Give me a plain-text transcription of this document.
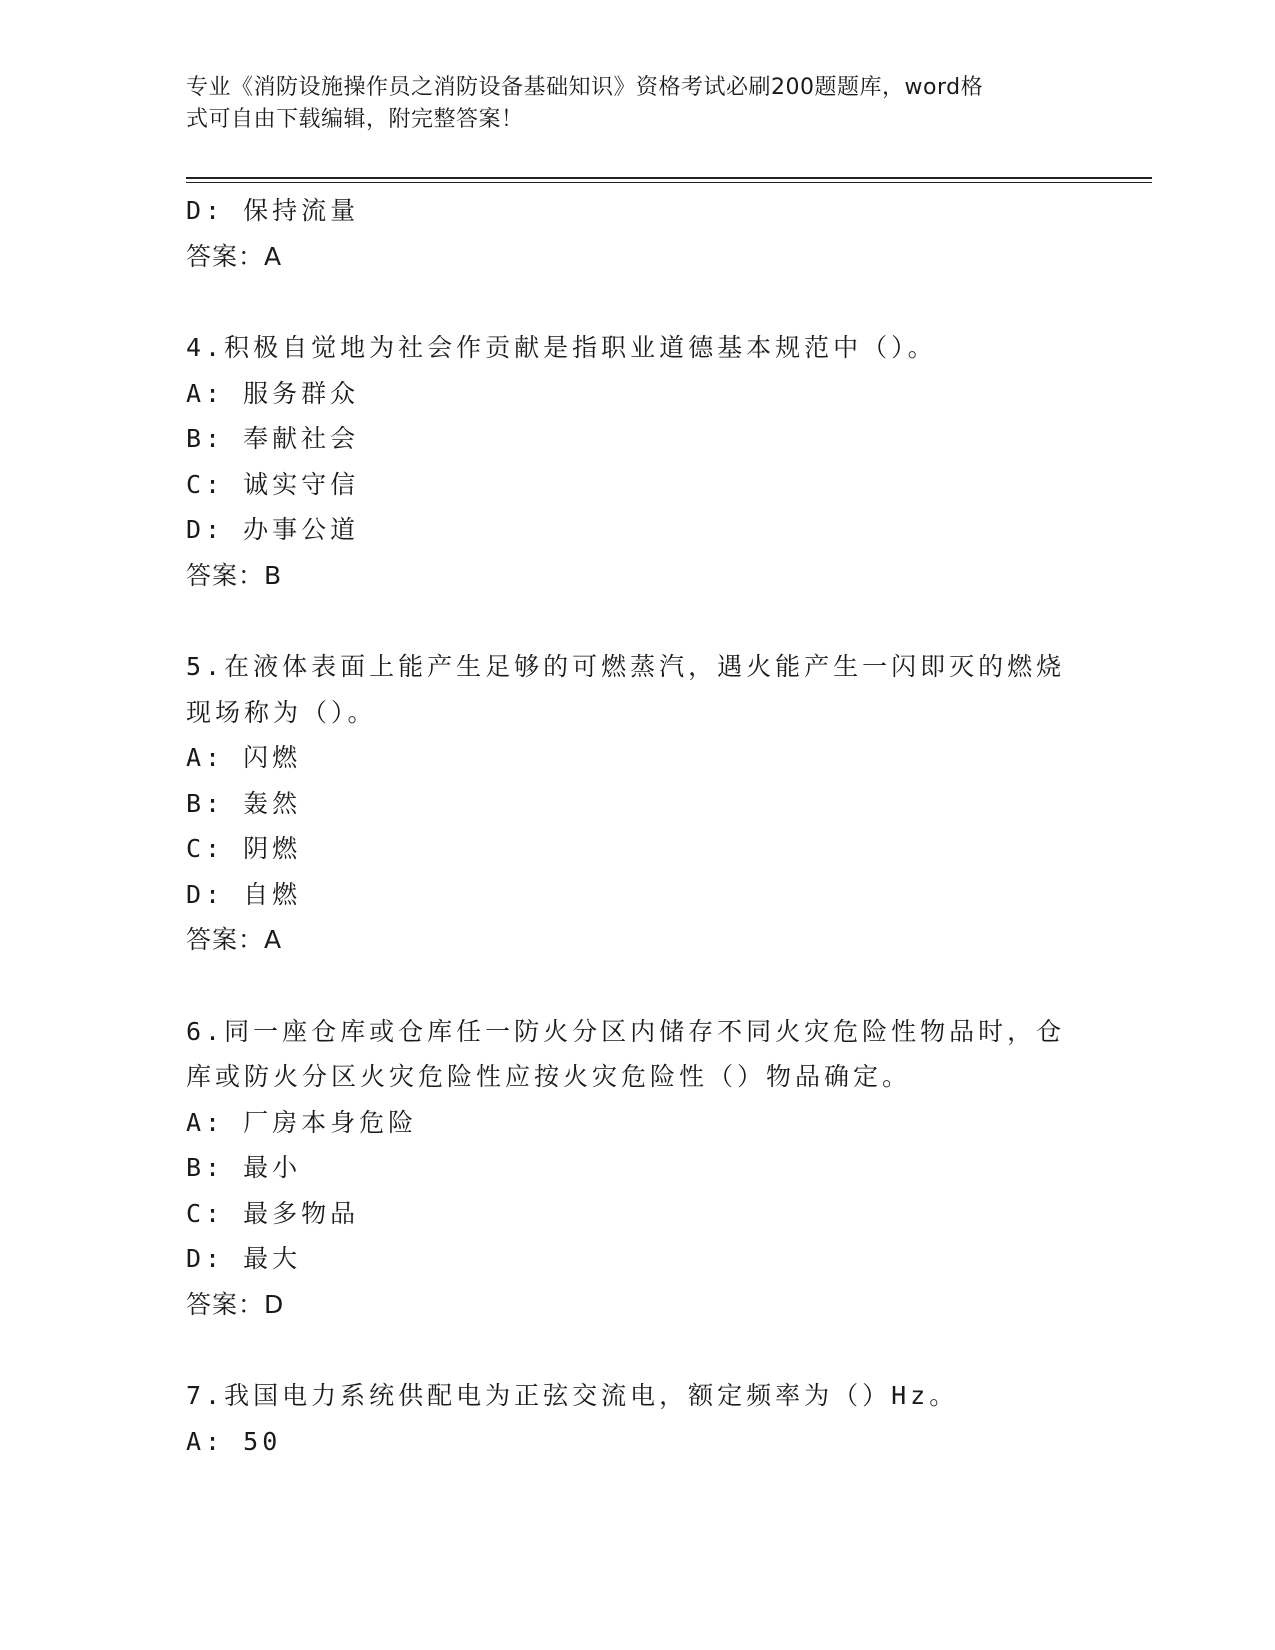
专业《消防设施操作员之消防设备基础知识》资格考试必刷200题题库，word格
式可自由下载编辑，附完整答案！
D: 保持流量
答案：A
4.积极自觉地为社会作贡献是指职业道德基本规范中（）。
A: 服务群众
B: 奉献社会
C: 诚实守信
D: 办事公道
答案：B
5.在液体表面上能产生足够的可燃蒸汽，遇火能产生一闪即灭的燃烧
现场称为（）。
A: 闪燃
B: 轰然
C: 阴燃
D: 自燃
答案：A
6.同一座仓库或仓库任一防火分区内储存不同火灾危险性物品时，仓
库或防火分区火灾危险性应按火灾危险性（）物品确定。
A: 厂房本身危险
B: 最小
C: 最多物品
D: 最大
答案：D
7.我国电力系统供配电为正弦交流电，额定频率为（）Hz。
A: 50
